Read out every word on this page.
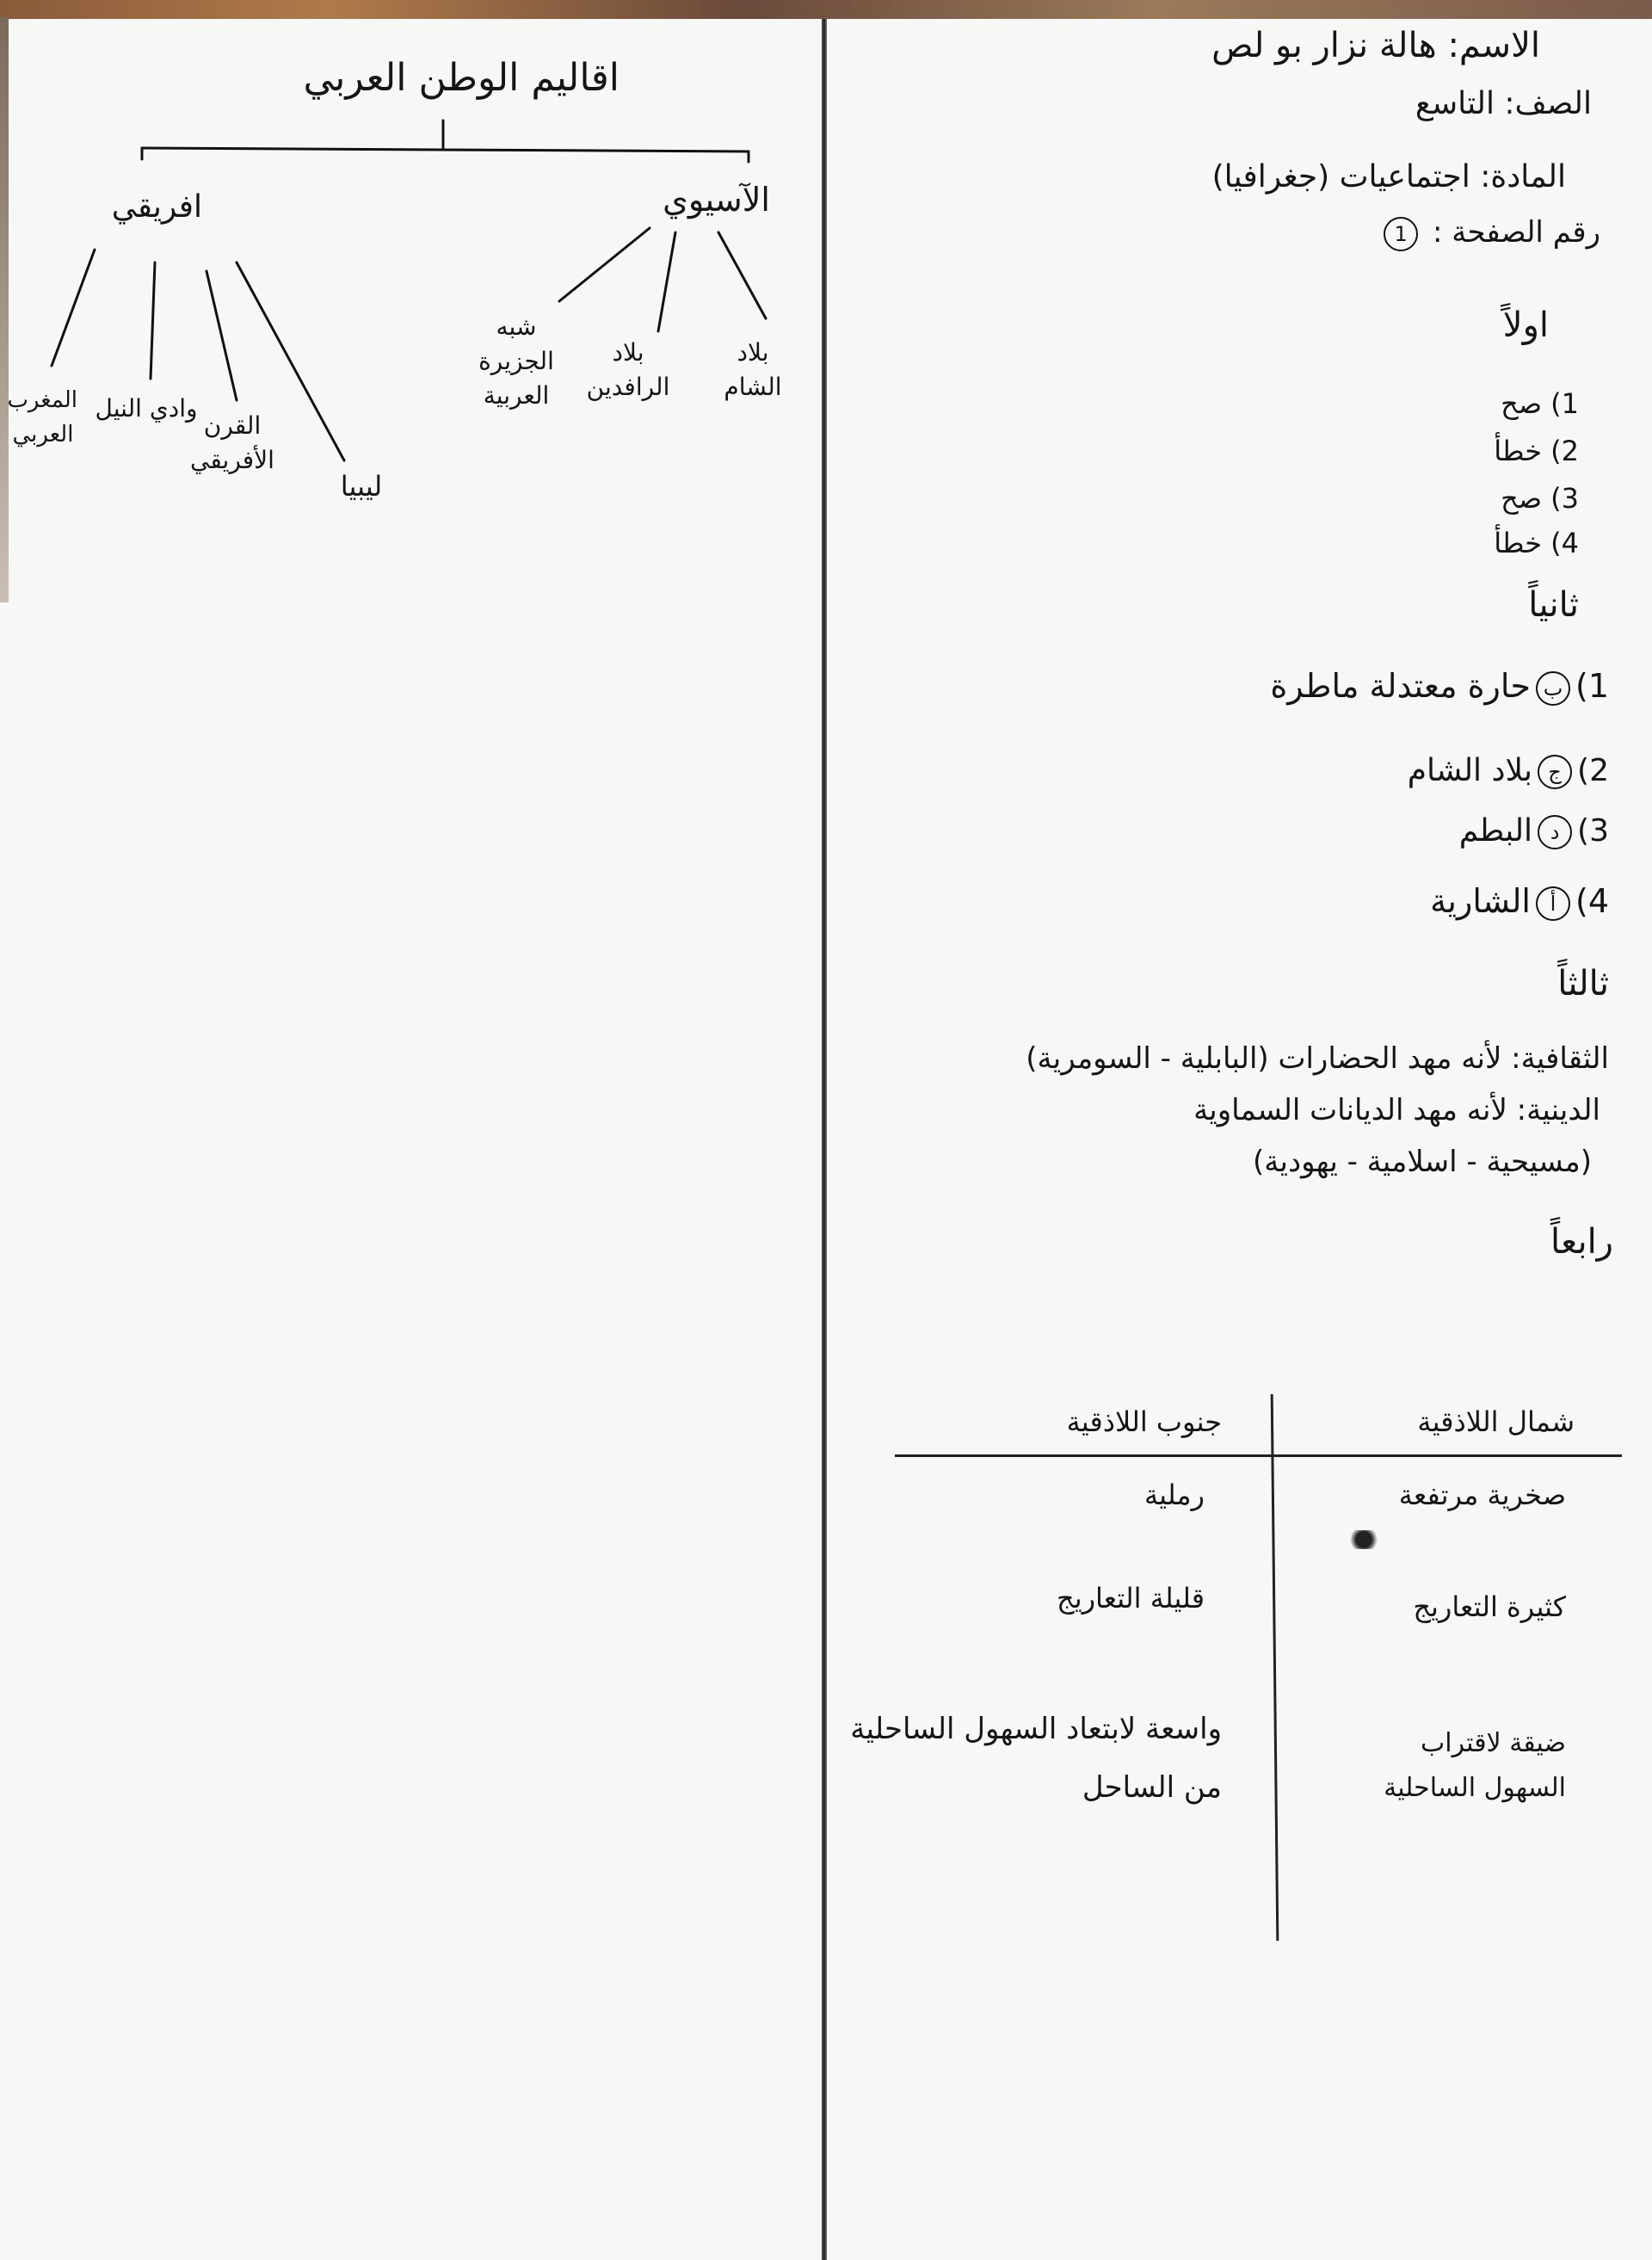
الاسم: هالة نزار بو لص
الصف: التاسع
المادة: اجتماعيات (جغرافيا)
رقم الصفحة : 1
اولاً
1) صح
2) خطأ
3) صح
4) خطأ
ثانياً
1)بحارة معتدلة ماطرة
2)جبلاد الشام
3)دالبطم
4)أالشارية
ثالثاً
الثقافية: لأنه مهد الحضارات (البابلية - السومرية)
الدينية: لأنه مهد الديانات السماوية
(مسيحية - اسلامية - يهودية)
رابعاً
شمال اللاذقية
جنوب اللاذقية
صخرية مرتفعة
رملية
كثيرة التعاريج
قليلة التعاريج
ضيقة لاقتراب السهول الساحلية
واسعة لابتعاد السهول الساحلية من الساحل
اقاليم الوطن العربي
الآسيوي
افريقي
بلاد الشام
بلاد الرافدين
شبه الجزيرة العربية
المغرب العربي
وادي النيل
القرن الأفريقي
ليبيا
